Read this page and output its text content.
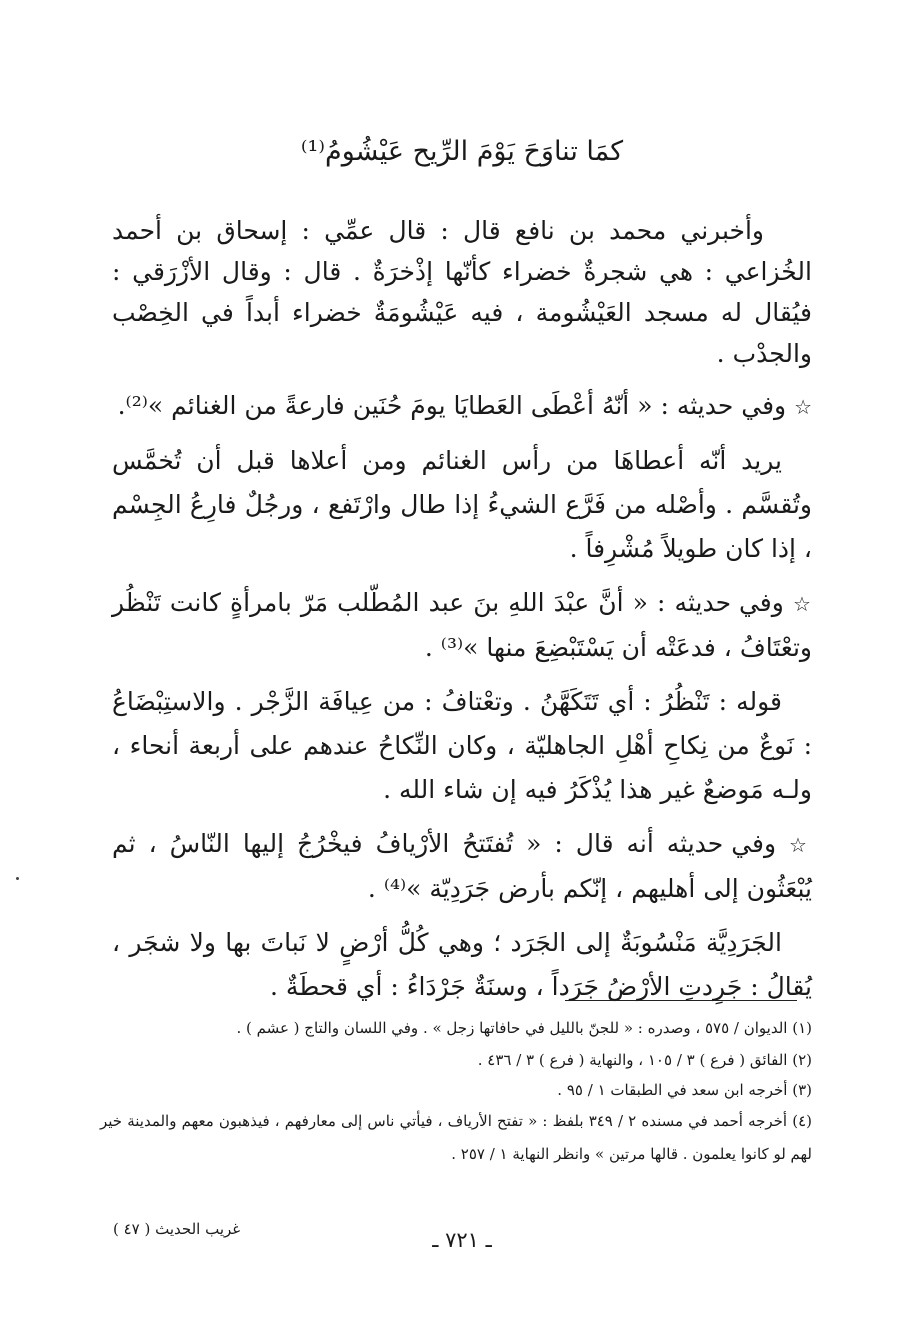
كمَا تناوَحَ يَوْمَ الرِّيح عَيْشُومُ⁽¹⁾

وأخبرني محمد بن نافع قال : قال عمِّي : إسحاق بن أحمد الخُزاعي : هي شجرةٌ خضراء كأنّها إذْخرَةٌ . قال : وقال الأزْرَقي : فيُقال له مسجد العَيْشُومة ، فيه عَيْشُومَةٌ خضراء أبداً في الخِصْب والجدْب .

☆ وفي حديثه : « أنّهُ أعْطَى العَطايَا يومَ حُنَين فارعةً من الغنائم »⁽²⁾.

يريد أنّه أعطاهَا من رأس الغنائم ومن أعلاها قبل أن تُخمَّس وتُقسَّم . وأصْله من فَرَّع الشيءُ إذا طال وارْتَفع ، ورجُلٌ فارِعُ الجِسْم ، إذا كان طويلاً مُشْرِفاً .

☆ وفي حديثه : « أنَّ عبْدَ اللهِ بنَ عبد المُطّلب مَرّ بامرأةٍ كانت تَنْظُر وتعْتَافُ ، فدعَتْه أن يَسْتَبْضِعَ منها »⁽³⁾ .

قوله : تَنْظُرُ : أي تَتَكَهَّنُ . وتعْتافُ : من عِيافَة الزَّجْر . والاستِبْضَاعُ : نَوعٌ من نِكاحِ أهْلِ الجاهليّة ، وكان النِّكاحُ عندهم على أربعة أنحاء ، ولـه مَوضعٌ غير هذا يُذْكَرُ فيه إن شاء الله .

☆ وفي حديثه أنه قال : « تُفتَتحُ الأرْيافُ فيخْرُجُ إليها النّاسُ ، ثم يُبْعَثُون إلى أهليهم ، إنّكم بأرض جَرَدِيّة »⁽⁴⁾ .

الجَرَدِيَّة مَنْسُوبَةٌ إلى الجَرَد ؛ وهي كُلُّ أرْضٍ لا نَباتَ بها ولا شجَر ، يُقالُ : جَرِدتِ الأرْضُ جَرَداً ، وسنَةٌ جَرْدَاءُ : أي قحطَةٌ .

(١) الديوان / ٥٧٥ ، وصدره : « للجنّ بالليل في حافاتها زجل » . وفي اللسان والتاج ( عشم ) .

(٢) الفائق ( فرع ) ٣ / ١٠٥ ، والنهاية ( فرع ) ٣ / ٤٣٦ .

(٣) أخرجه ابن سعد في الطبقات ١ / ٩٥ .

(٤) أخرجه أحمد في مسنده ٢ / ٣٤٩ بلفظ : « تفتح الأرياف ، فيأتي ناس إلى معارفهم ، فيذهبون معهم والمدينة خير لهم لو كانوا يعلمون . قالها مرتين » وانظر النهاية ١ / ٢٥٧ .

غريب الحديث ( ٤٧ )	ـ ٧٢١ ـ
